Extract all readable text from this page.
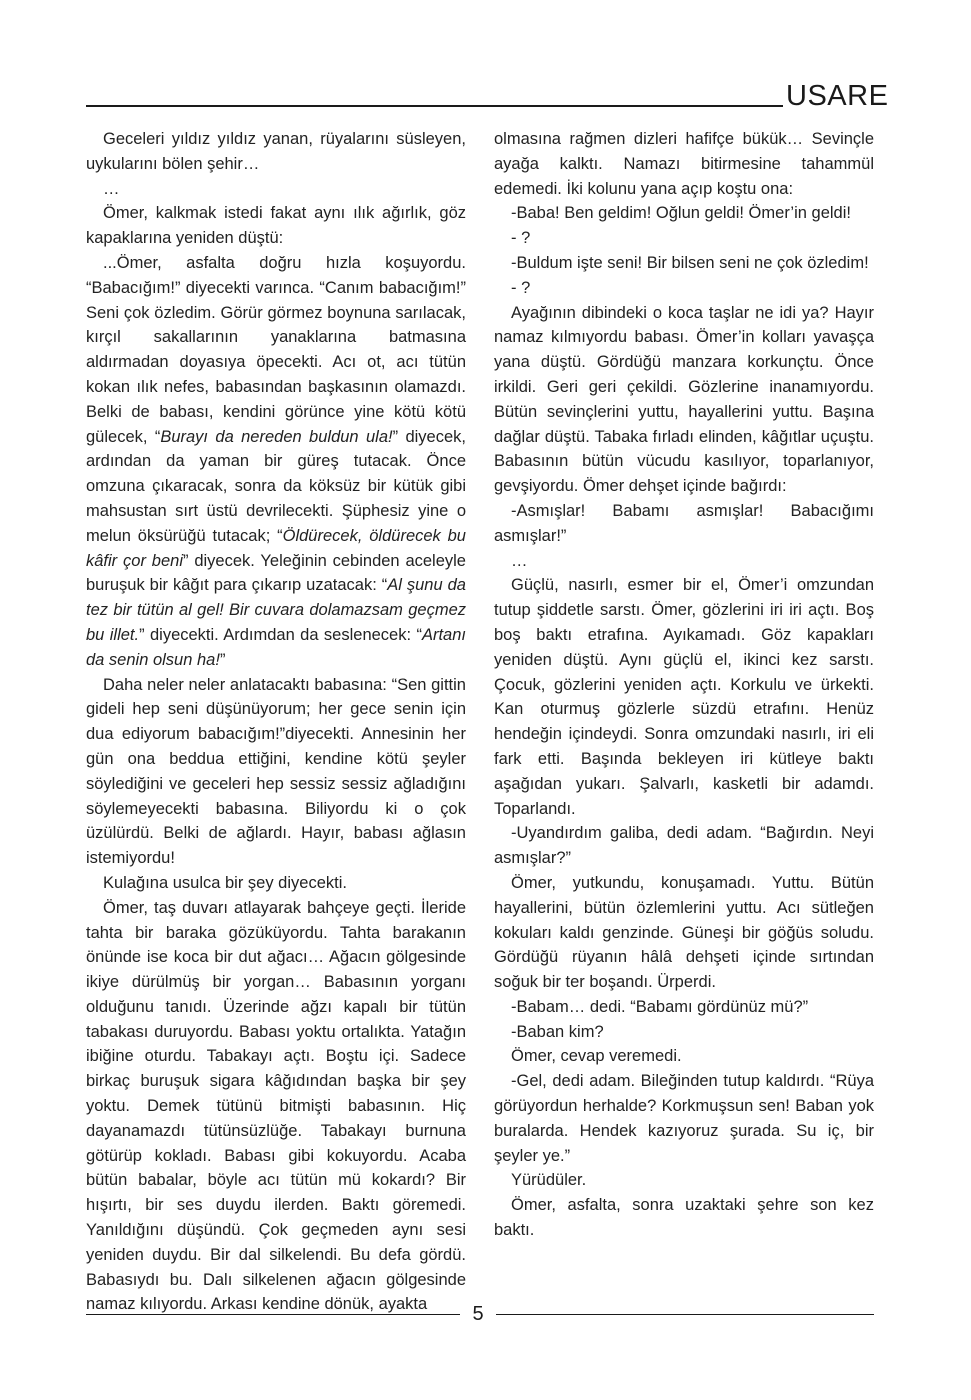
USARE

Geceleri yıldız yıldız yanan, rüyalarını süsleyen, uykularını bölen şehir…

…

Ömer, kalkmak istedi fakat aynı ılık ağırlık, göz kapaklarına yeniden düştü:

...Ömer, asfalta doğru hızla koşuyordu. “Babacığım!” diyecekti varınca. “Canım babacığım!” Seni çok özledim. Görür görmez boynuna sarılacak, kırçıl sakallarının yanaklarına batmasına aldırmadan doyasıya öpecekti. Acı ot, acı tütün kokan ılık nefes, babasından başkasının olamazdı. Belki de babası, kendini görünce yine kötü kötü gülecek, “Burayı da nereden buldun ula!” diyecek, ardından da yaman bir güreş tutacak. Önce omzuna çıkaracak, sonra da köksüz bir kütük gibi mahsustan sırt üstü devrilecekti. Şüphesiz yine o melun öksürüğü tutacak; “Öldürecek, öldürecek bu kâfir çor beni” diyecek. Yeleğinin cebinden aceleyle buruşuk bir kâğıt para çıkarıp uzatacak: “Al şunu da tez bir tütün al gel! Bir cuvara dolamazsam geçmez bu illet.” diyecekti. Ardımdan da seslenecek: “Artanı da senin olsun ha!”

Daha neler neler anlatacaktı babasına: “Sen gittin gideli hep seni düşünüyorum; her gece senin için dua ediyorum babacığım!”diyecekti. Annesinin her gün ona beddua ettiğini, kendine kötü şeyler söylediğini ve geceleri hep sessiz sessiz ağladığını söylemeyecekti babasına. Biliyordu ki o çok üzülürdü. Belki de ağlardı. Hayır, babası ağlasın istemiyordu!

Kulağına usulca bir şey diyecekti.

Ömer, taş duvarı atlayarak bahçeye geçti. İleride tahta bir baraka gözüküyordu. Tahta barakanın önünde ise koca bir dut ağacı… Ağacın gölgesinde ikiye dürülmüş bir yorgan… Babasının yorganı olduğunu tanıdı. Üzerinde ağzı kapalı bir tütün tabakası duruyordu. Babası yoktu ortalıkta. Yatağın ibiğine oturdu. Tabakayı açtı. Boştu içi. Sadece birkaç buruşuk sigara kâğıdından başka bir şey yoktu. Demek tütünü bitmişti babasının. Hiç dayanamazdı tütünsüzlüğe. Tabakayı burnuna götürüp kokladı. Babası gibi kokuyordu. Acaba bütün babalar, böyle acı tütün mü kokardı? Bir hışırtı, bir ses duydu ilerden. Baktı göremedi. Yanıldığını düşündü. Çok geçmeden aynı sesi yeniden duydu. Bir dal silkelendi. Bu defa gördü. Babasıydı bu. Dalı silkelenen ağacın gölgesinde namaz kılıyordu. Arkası kendine dönük, ayakta

olmasına rağmen dizleri hafifçe bükük… Sevinçle ayağa kalktı. Namazı bitirmesine tahammül edemedi. İki kolunu yana açıp koştu ona:

-Baba! Ben geldim! Oğlun geldi! Ömer’in geldi!

- ?

-Buldum işte seni! Bir bilsen seni ne çok özledim!

- ?

Ayağının dibindeki o koca taşlar ne idi ya? Hayır namaz kılmıyordu babası. Ömer’in kolları yavaşça yana düştü. Gördüğü manzara korkunçtu. Önce irkildi. Geri geri çekildi. Gözlerine inanamıyordu. Bütün sevinçlerini yuttu, hayallerini yuttu. Başına dağlar düştü. Tabaka fırladı elinden, kâğıtlar uçuştu. Babasının bütün vücudu kasılıyor, toparlanıyor, gevşiyordu. Ömer dehşet içinde bağırdı:

-Asmışlar! Babamı asmışlar! Babacığımı asmışlar!”

…

Güçlü, nasırlı, esmer bir el, Ömer’i omzundan tutup şiddetle sarstı. Ömer, gözlerini iri iri açtı. Boş boş baktı etrafına. Ayıkamadı. Göz kapakları yeniden düştü. Aynı güçlü el, ikinci kez sarstı. Çocuk, gözlerini yeniden açtı. Korkulu ve ürkekti. Kan oturmuş gözlerle süzdü etrafını. Henüz hendeğin içindeydi. Sonra omzundaki nasırlı, iri eli fark etti. Başında bekleyen iri kütleye baktı aşağıdan yukarı. Şalvarlı, kasketli bir adamdı. Toparlandı.

-Uyandırdım galiba, dedi adam. “Bağırdın. Neyi asmışlar?”

Ömer, yutkundu, konuşamadı. Yuttu. Bütün hayallerini, bütün özlemlerini yuttu. Acı sütleğen kokuları kaldı genzinde. Güneşi bir göğüs soludu. Gördüğü rüyanın hâlâ dehşeti içinde sırtından soğuk bir ter boşandı. Ürperdi.

-Babam… dedi. “Babamı gördünüz mü?”

-Baban kim?

Ömer, cevap veremedi.

-Gel, dedi adam. Bileğinden tutup kaldırdı. “Rüya görüyordun herhalde? Korkmuşsun sen! Baban yok buralarda. Hendek kazıyoruz şurada. Su iç, bir şeyler ye.”

Yürüdüler.

Ömer, asfalta, sonra uzaktaki şehre son kez baktı.

5
